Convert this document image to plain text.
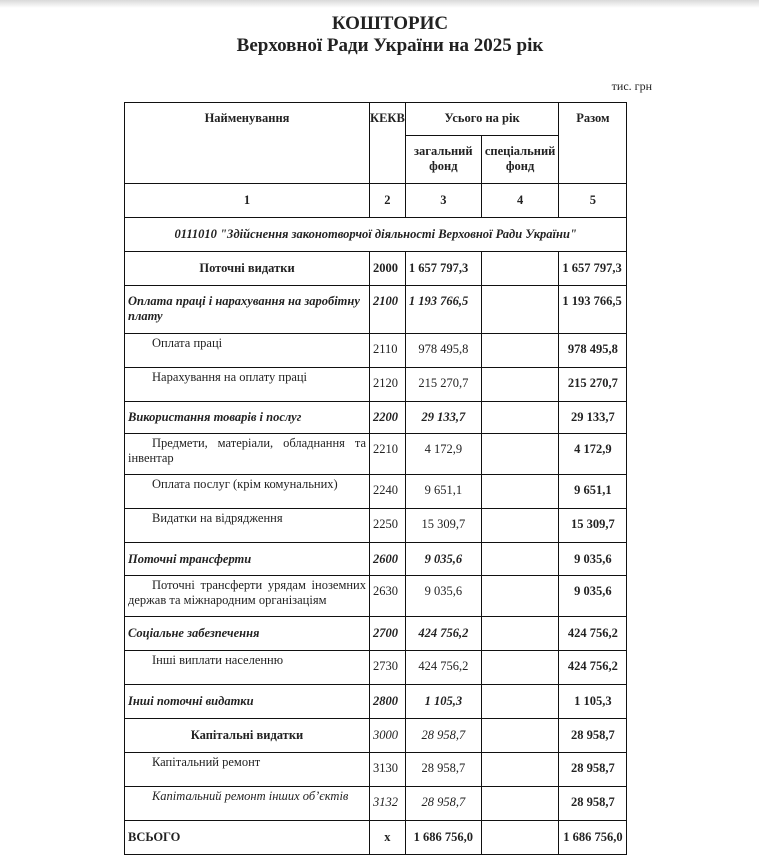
КОШТОРИС
Верховної Ради України на 2025 рік
тис. грн
Найменування	КЕКВ	Усього на рік		Разом
		загальний фонд	спеціальний фонд	
1	2	3	4	5
0111010 "Здійснення законотворчої діяльності Верховної Ради України"				
Поточні видатки	2000	1 657 797,3		1 657 797,3
Оплата праці і нарахування на заробітну плату	2100	1 193 766,5		1 193 766,5
Оплата праці	2110	978 495,8		978 495,8
Нарахування на оплату праці	2120	215 270,7		215 270,7
Використання товарів і послуг	2200	29 133,7		29 133,7
Предмети, матеріали, обладнання та інвентар	2210	4 172,9		4 172,9
Оплата послуг (крім комунальних)	2240	9 651,1		9 651,1
Видатки на відрядження	2250	15 309,7		15 309,7
Поточні трансферти	2600	9 035,6		9 035,6
Поточні трансферти урядам іноземних держав та міжнародним організаціям	2630	9 035,6		9 035,6
Соціальне забезпечення	2700	424 756,2		424 756,2
Інші виплати населенню	2730	424 756,2		424 756,2
Інші поточні видатки	2800	1 105,3		1 105,3
Капітальні видатки	3000	28 958,7		28 958,7
Капітальний ремонт	3130	28 958,7		28 958,7
Капітальний ремонт інших об’єктів	3132	28 958,7		28 958,7
ВСЬОГО	x	1 686 756,0		1 686 756,0
